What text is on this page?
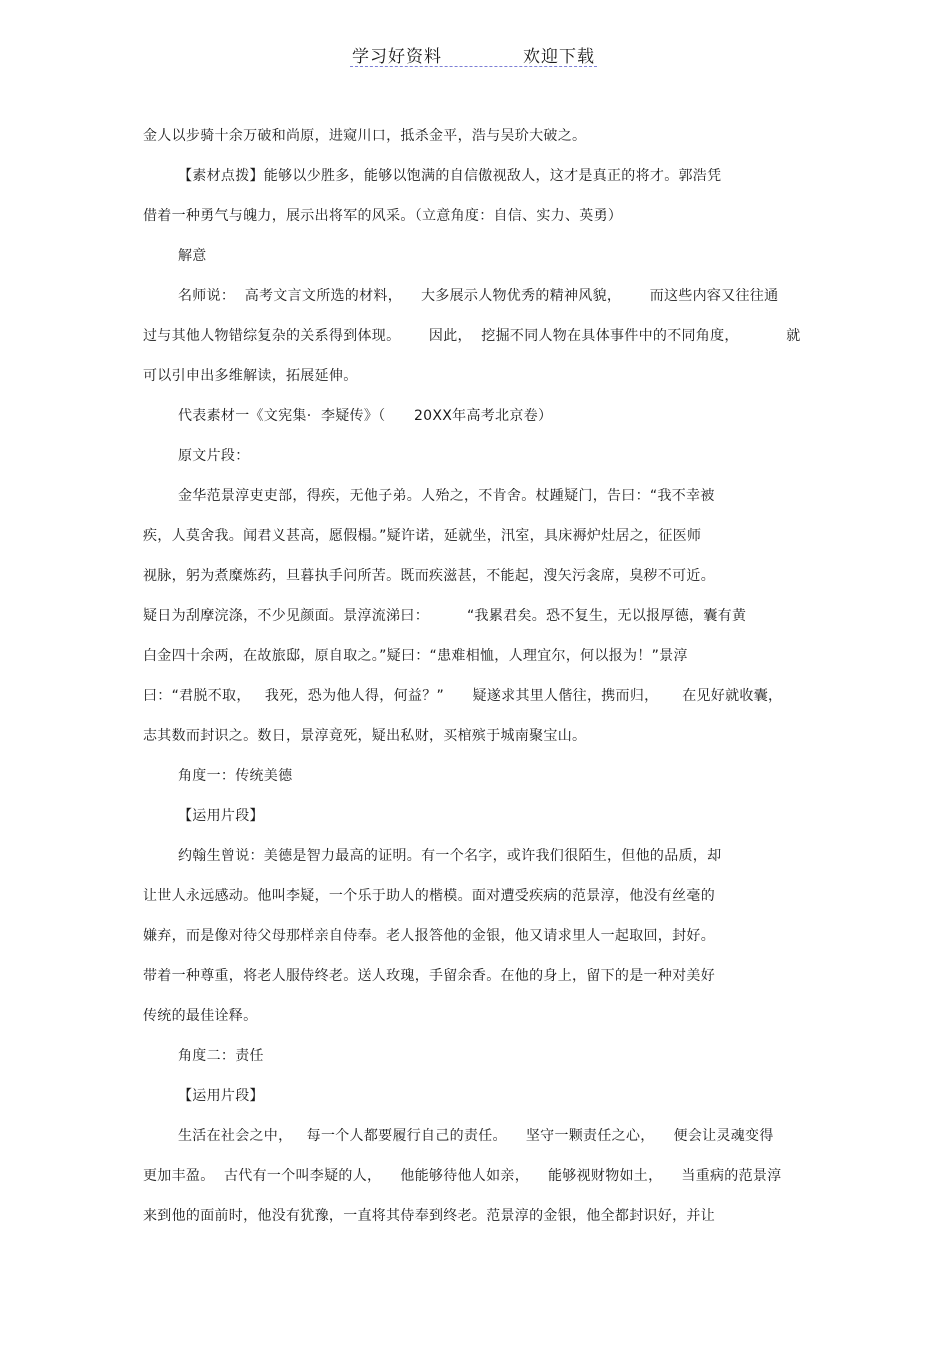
学习好资料	欢迎下载
金人以步骑十余万破和尚原，进窥川口，抵杀金平，浩与吴玠大破之。
【素材点拨】能够以少胜多，能够以饱满的自信傲视敌人，这才是真正的将才。郭浩凭
借着一种勇气与魄力，展示出将军的风采。（立意角度：自信、实力、英勇）
解意
名师说：  高考文言文所选的材料，    大多展示人物优秀的精神风貌，      而这些内容又往往通
过与其他人物错综复杂的关系得到体现。      因此，  挖掘不同人物在具体事件中的不同角度，          就
可以引申出多维解读，拓展延伸。
代表素材一《文宪集·  李疑传》（      20XX年高考北京卷）
原文片段：
金华范景淳吏吏部，得疾，无他子弟。人殆之，不肯舍。杖踵疑门，告曰：“我不幸被
疾，人莫舍我。闻君义甚高，愿假榻。”疑许诺，延就坐，汛室，具床褥炉灶居之，征医师
视脉，躬为煮糜炼药，旦暮执手问所苦。既而疾滋甚，不能起，溲矢污衾席，臭秽不可近。
疑日为刮摩浣涤，不少见颜面。景淳流涕曰：        “我累君矣。恐不复生，无以报厚德，囊有黄
白金四十余两，在故旅邸，原自取之。”疑曰：“患难相恤，人理宜尔，何以报为！”景淳
曰：“君脱不取，   我死，恐为他人得，何益？”      疑遂求其里人偕往，携而归，     在见好就收囊，
志其数而封识之。数日，景淳竟死，疑出私财，买棺殡于城南聚宝山。
角度一：传统美德
【运用片段】
约翰生曾说：美德是智力最高的证明。有一个名字，或许我们很陌生，但他的品质，却
让世人永远感动。他叫李疑，一个乐于助人的楷模。面对遭受疾病的范景淳，他没有丝毫的
嫌弃，而是像对待父母那样亲自侍奉。老人报答他的金银，他又请求里人一起取回，封好。
带着一种尊重，将老人服侍终老。送人玫瑰，手留余香。在他的身上，留下的是一种对美好
传统的最佳诠释。
角度二：责任
【运用片段】
生活在社会之中，   每一个人都要履行自己的责任。    坚守一颗责任之心，    便会让灵魂变得
更加丰盈。  古代有一个叫李疑的人，    他能够待他人如亲，    能够视财物如土，    当重病的范景淳
来到他的面前时，他没有犹豫，一直将其侍奉到终老。范景淳的金银，他全都封识好，并让
